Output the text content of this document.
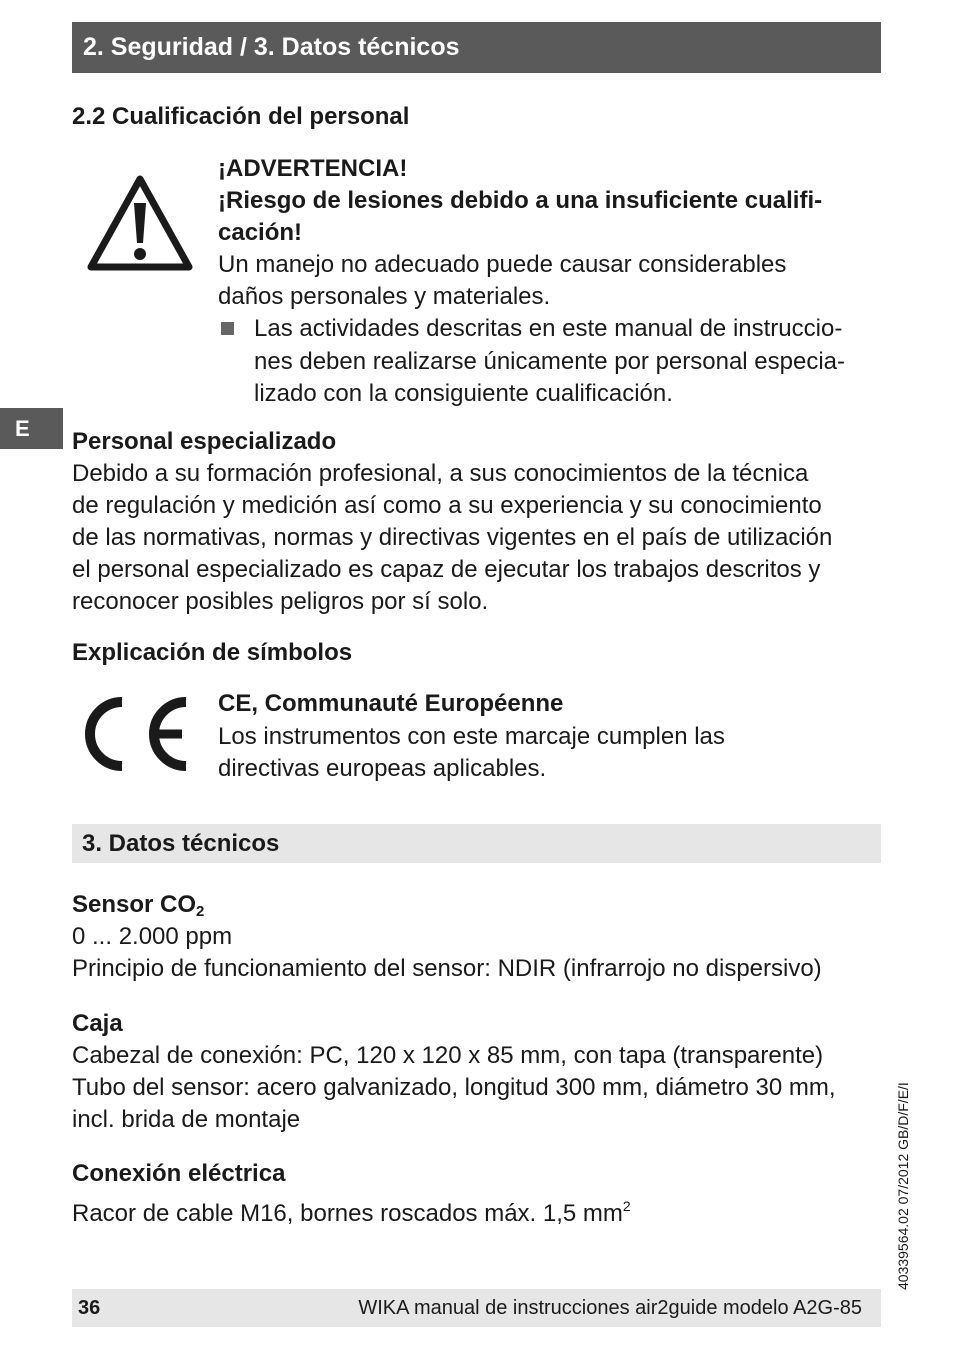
2. Seguridad / 3. Datos técnicos
E
2.2 Cualificación del personal
¡ADVERTENCIA!
¡Riesgo de lesiones debido a una insuficiente cualifi-
cación!
Un manejo no adecuado puede causar considerables
daños personales y materiales.
Las actividades descritas en este manual de instruccio-
nes deben realizarse únicamente por personal especia-
lizado con la consiguiente cualificación.
Personal especializado
Debido a su formación profesional, a sus conocimientos de la técnica
de regulación y medición así como a su experiencia y su conocimiento
de las normativas, normas y directivas vigentes en el país de utilización
el personal especializado es capaz de ejecutar los trabajos descritos y
reconocer posibles peligros por sí solo.
Explicación de símbolos
CE, Communauté Européenne
Los instrumentos con este marcaje cumplen las
directivas europeas aplicables.
3. Datos técnicos
Sensor $CO_2$
0 ... 2.000 ppm
Principio de funcionamiento del sensor: NDIR (infrarrojo no dispersivo)
Caja
Cabezal de conexión: PC, 120 x 120 x 85 mm, con tapa (transparente)
Tubo del sensor: acero galvanizado, longitud 300 mm, diámetro 30 mm,
incl. brida de montaje
Conexión eléctrica
Racor de cable M16, bornes roscados máx. 1,5 $mm^2$	40339564.02 07/2012 GB/D/F/E/I
36	WIKA manual de instrucciones air2guide modelo A2G-85
